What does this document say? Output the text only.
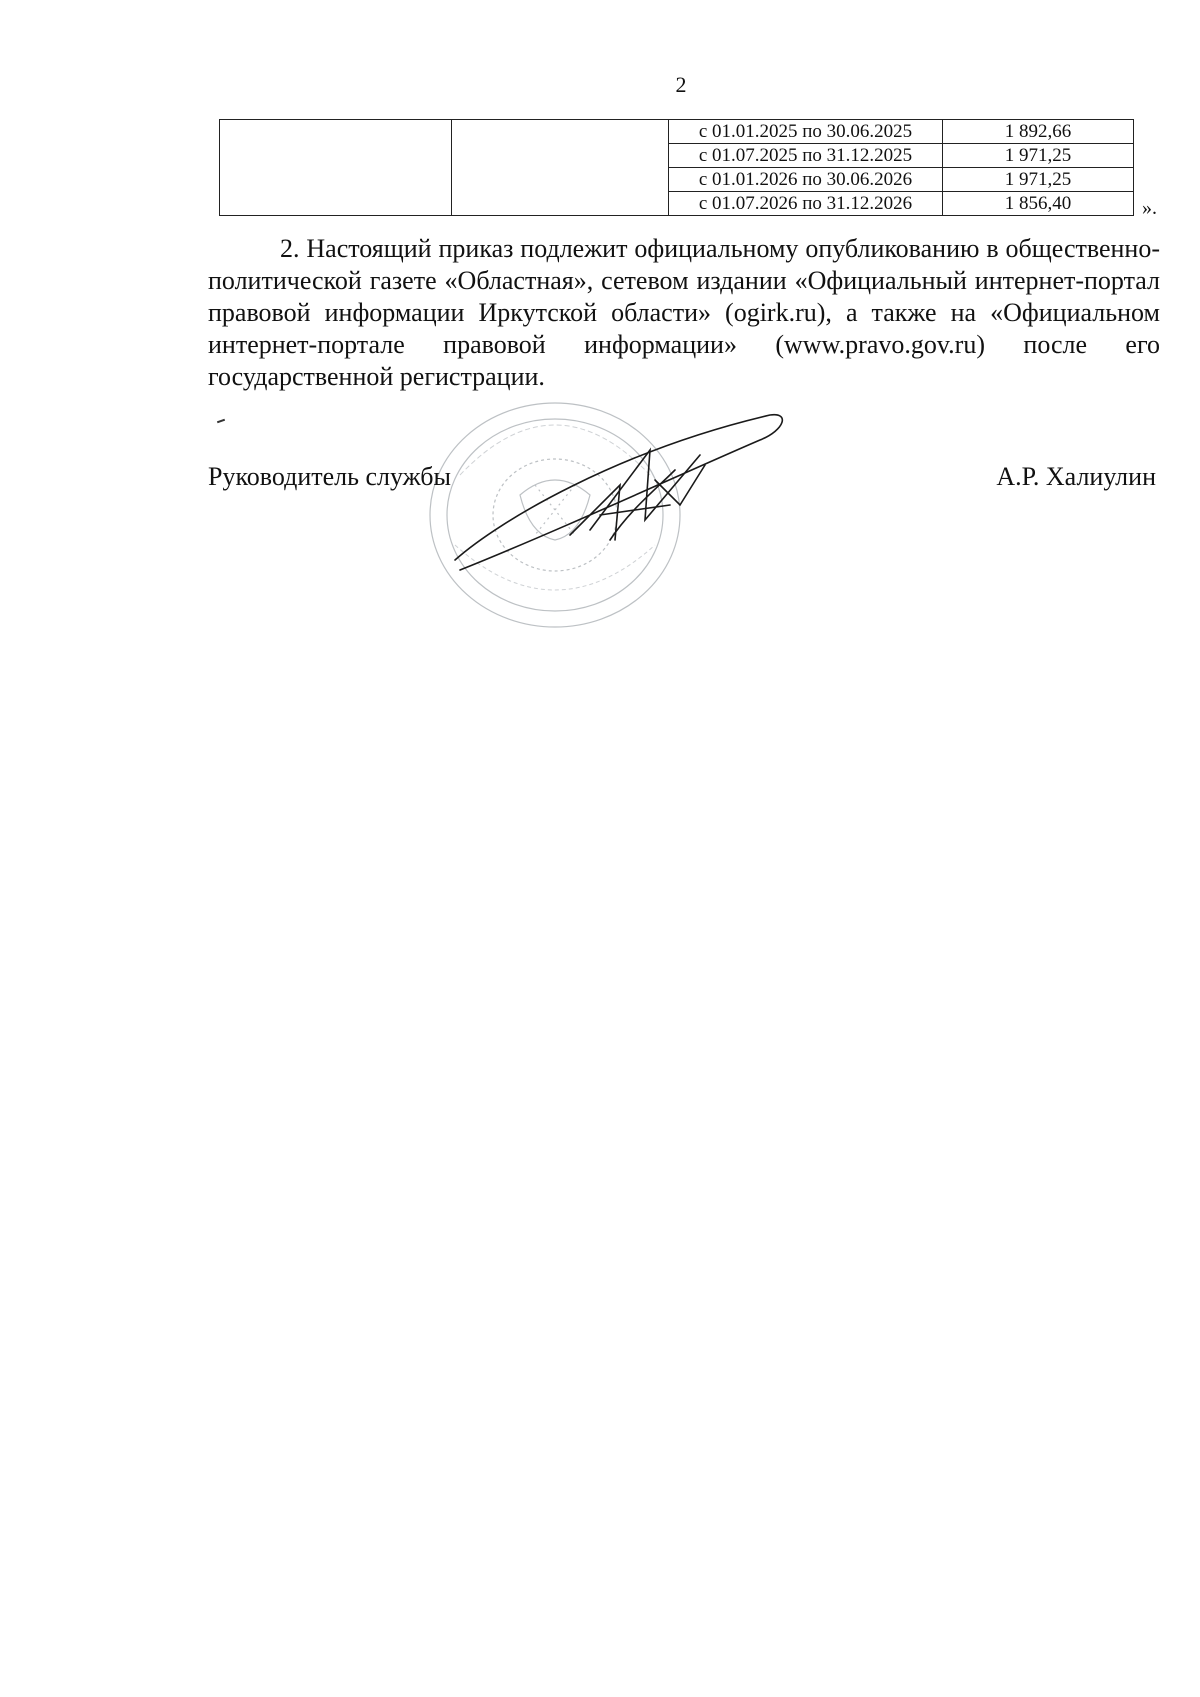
2
		с 01.01.2025 по 30.06.2025	1 892,66
		с 01.07.2025 по 31.12.2025	1 971,25
		с 01.01.2026 по 30.06.2026	1 971,25
		с 01.07.2026 по 31.12.2026	1 856,40	».
2. Настоящий приказ подлежит официальному опубликованию в общественно-политической газете «Областная», сетевом издании «Официальный интернет-портал правовой информации Иркутской области» (ogirk.ru), а также на «Официальном интернет-портале правовой информации» (www.pravo.gov.ru) после его государственной регистрации.
Руководитель службы	А.Р. Халиулин
